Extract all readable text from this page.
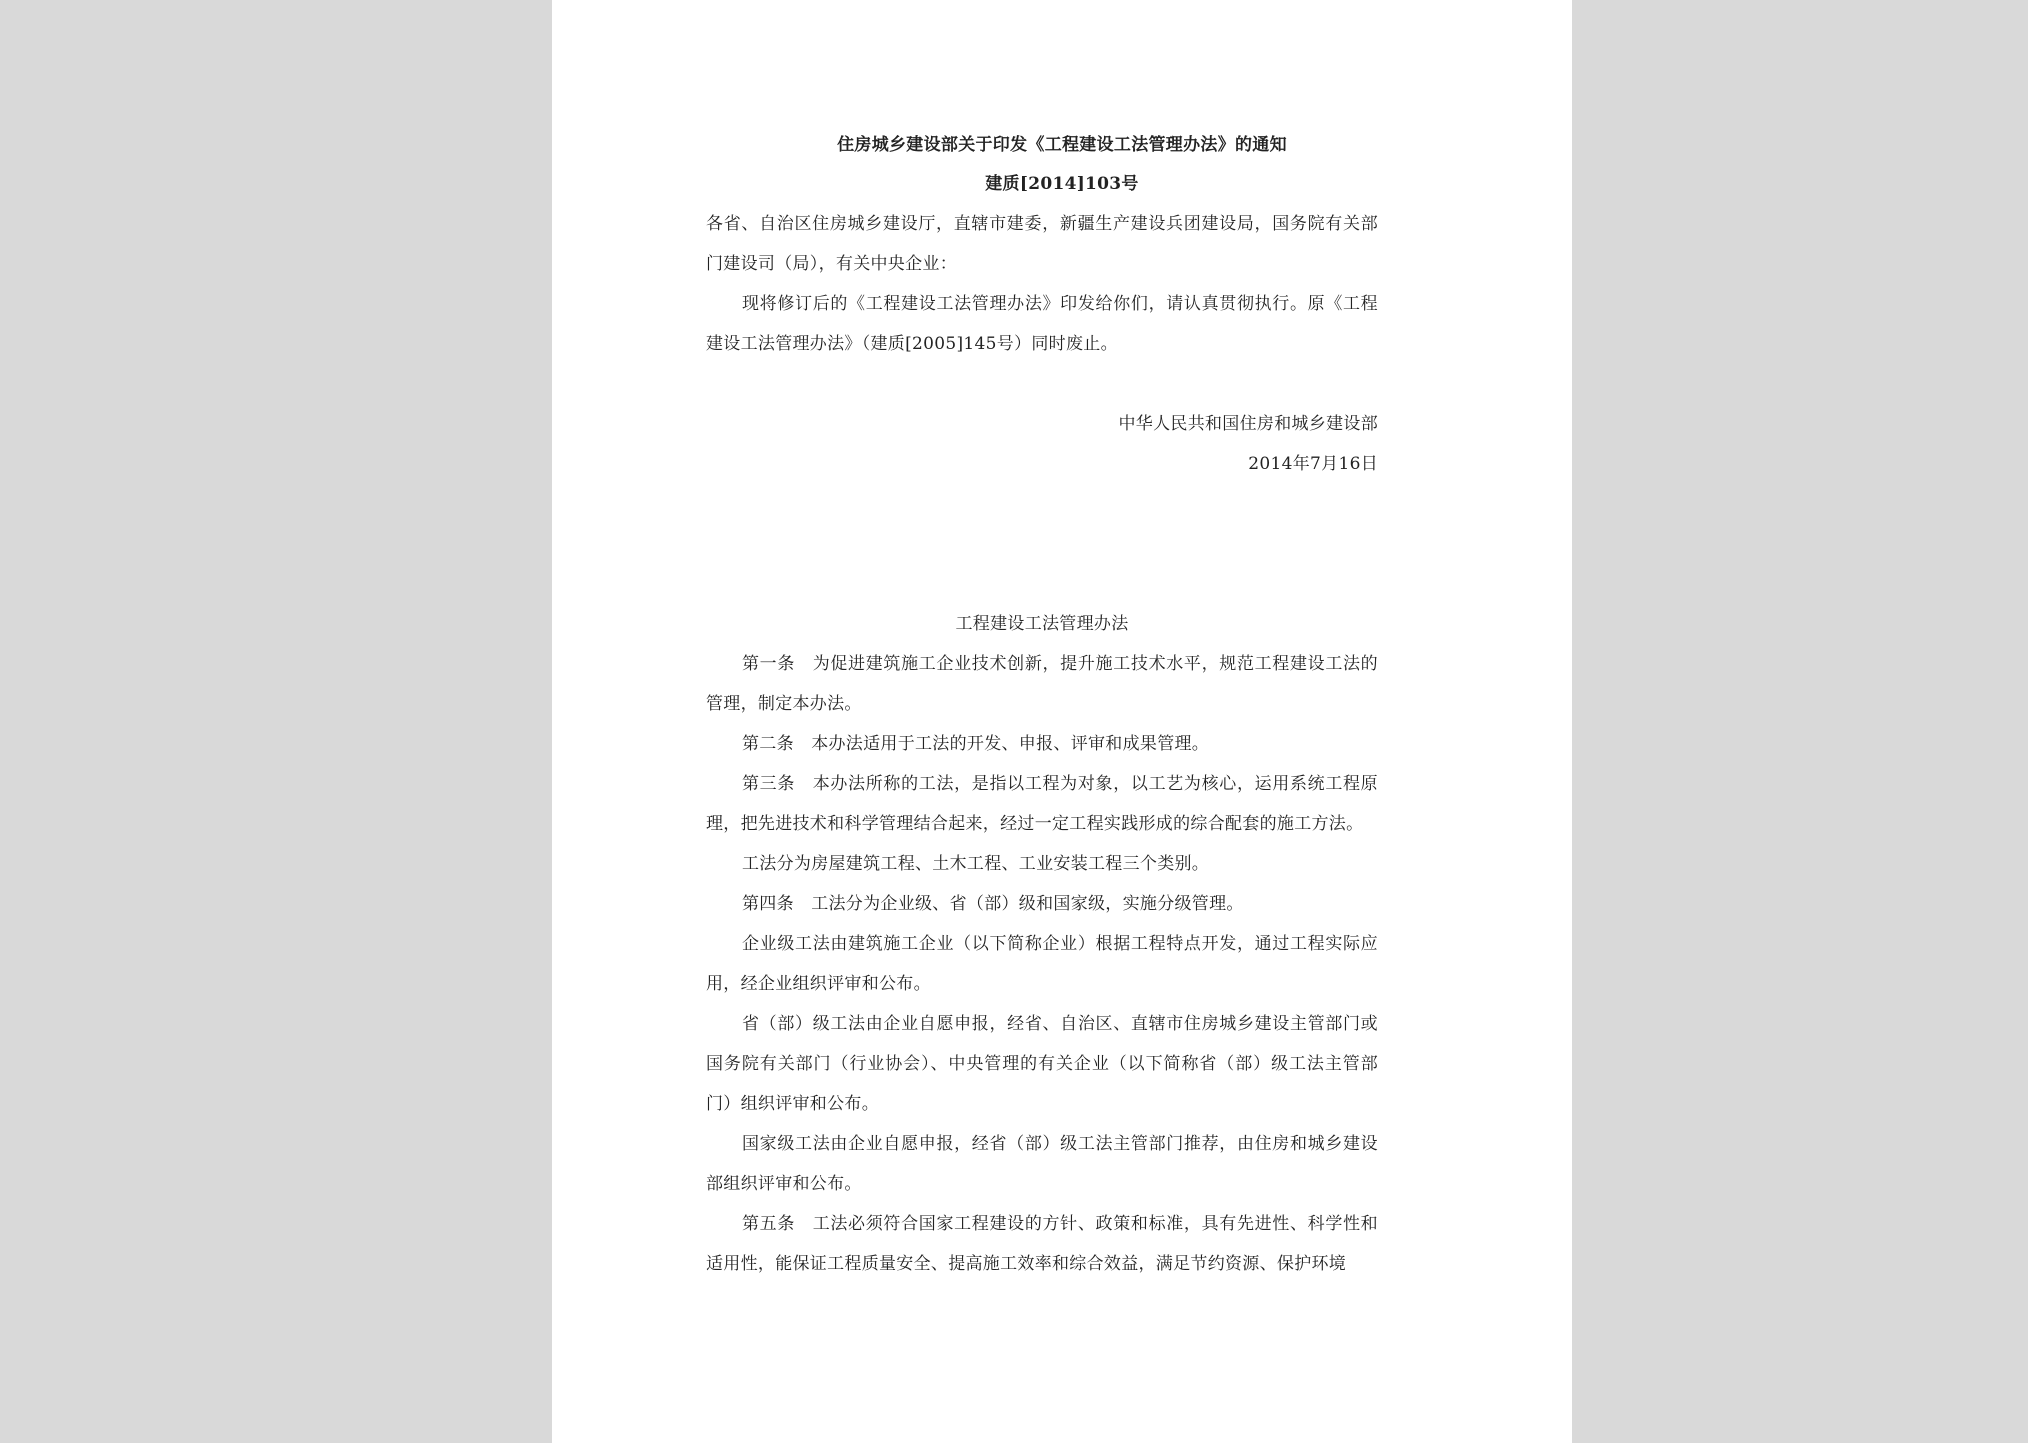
住房城乡建设部关于印发《工程建设工法管理办法》的通知
建质[2014]103号

各省、自治区住房城乡建设厅，直辖市建委，新疆生产建设兵团建设局，国务院有关部门建设司（局），有关中央企业：

现将修订后的《工程建设工法管理办法》印发给你们，请认真贯彻执行。原《工程建设工法管理办法》（建质[2005]145号）同时废止。

中华人民共和国住房和城乡建设部

2014年7月16日

工程建设工法管理办法

第一条　为促进建筑施工企业技术创新，提升施工技术水平，规范工程建设工法的管理，制定本办法。

第二条　本办法适用于工法的开发、申报、评审和成果管理。

第三条　本办法所称的工法，是指以工程为对象，以工艺为核心，运用系统工程原理，把先进技术和科学管理结合起来，经过一定工程实践形成的综合配套的施工方法。

工法分为房屋建筑工程、土木工程、工业安装工程三个类别。

第四条　工法分为企业级、省（部）级和国家级，实施分级管理。

企业级工法由建筑施工企业（以下简称企业）根据工程特点开发，通过工程实际应用，经企业组织评审和公布。

省（部）级工法由企业自愿申报，经省、自治区、直辖市住房城乡建设主管部门或国务院有关部门（行业协会）、中央管理的有关企业（以下简称省（部）级工法主管部门）组织评审和公布。

国家级工法由企业自愿申报，经省（部）级工法主管部门推荐，由住房和城乡建设部组织评审和公布。

第五条　工法必须符合国家工程建设的方针、政策和标准，具有先进性、科学性和适用性，能保证工程质量安全、提高施工效率和综合效益，满足节约资源、保护环境
